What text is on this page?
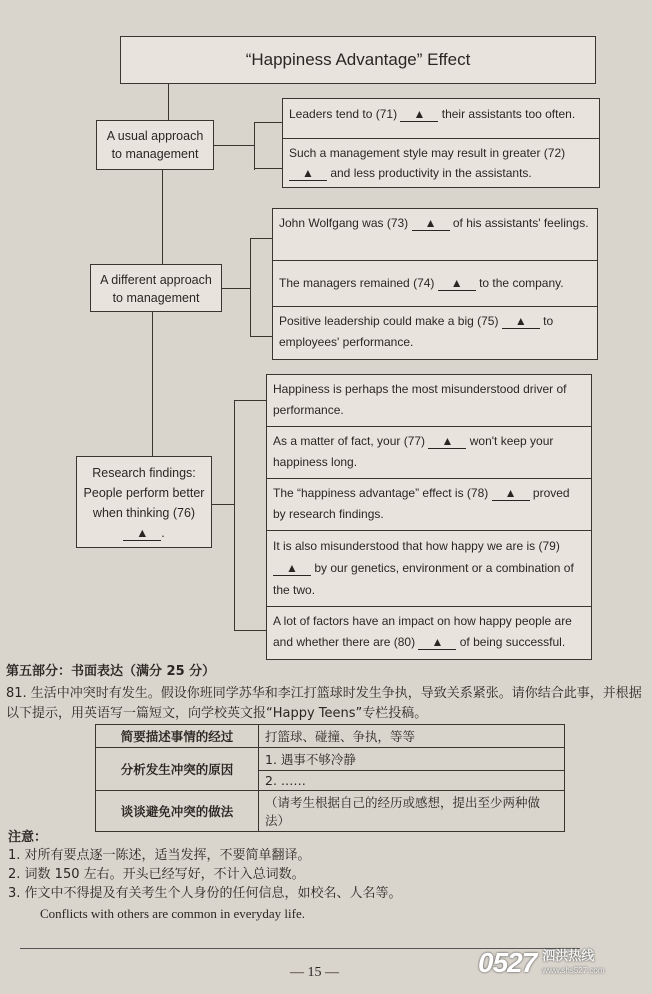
“Happiness Advantage” Effect
A usual approach to management
Leaders tend to (71) ▲ their assistants too often.
Such a management style may result in greater (72) ▲ and less productivity in the assistants.
A different approach to management
John Wolfgang was (73) ▲ of his assistants' feelings.
The managers remained (74) ▲ to the company.
Positive leadership could make a big (75) ▲ to employees' performance.
Research findings: People perform better when thinking (76) ▲ .
Happiness is perhaps the most misunderstood driver of performance.
As a matter of fact, your (77) ▲ won't keep your happiness long.
The “happiness advantage” effect is (78) ▲ proved by research findings.
It is also misunderstood that how happy we are is (79) ▲ by our genetics, environment or a combination of the two.
A lot of factors have an impact on how happy people are and whether there are (80) ▲ of being successful.
第五部分：书面表达（满分 25 分）
81. 生活中冲突时有发生。假设你班同学苏华和李江打篮球时发生争执，导致关系紧张。请你结合此事，并根据以下提示，用英语写一篇短文，向学校英文报“Happy Teens”专栏投稿。
简要描述事情的经过	打篮球、碰撞、争执，等等
分析发生冲突的原因	1. 遇事不够冷静
	2. ……
谈谈避免冲突的做法	（请考生根据自己的经历或感想，提出至少两种做法）
注意：
1. 对所有要点逐一陈述，适当发挥，不要简单翻译。
2. 词数 150 左右。开头已经写好，不计入总词数。
3. 作文中不得提及有关考生个人身份的任何信息，如校名、人名等。
Conflicts with others are common in everyday life.
— 15 —	0527 泗洪热线
www.shs527.com
